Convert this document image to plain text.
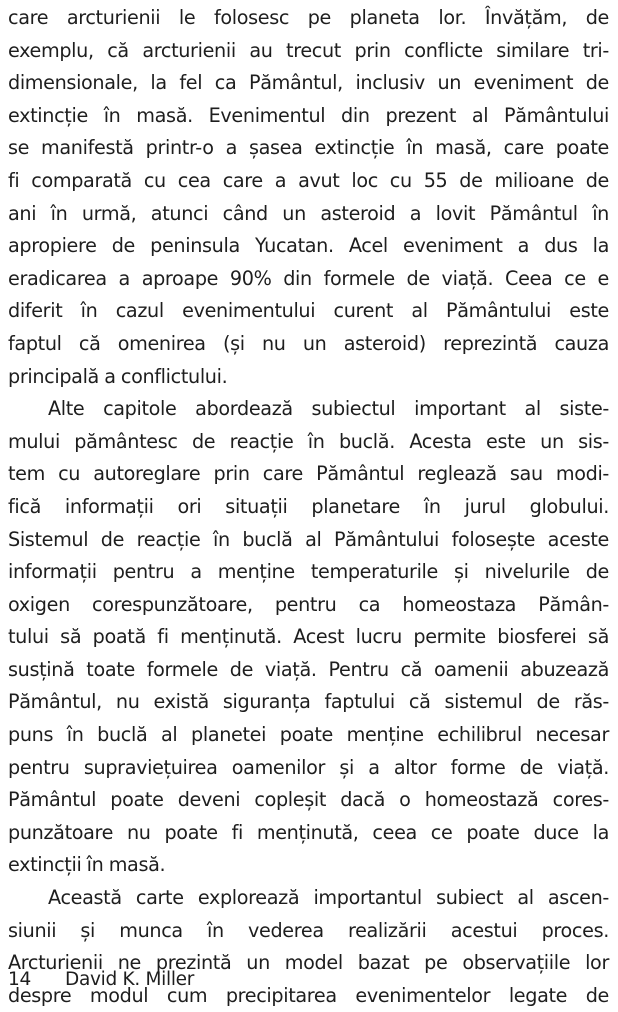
care arcturienii le folosesc pe planeta lor. Învățăm, de
exemplu, că arcturienii au trecut prin conflicte similare tri-
dimensionale, la fel ca Pământul, inclusiv un eveniment de
extincție în masă. Evenimentul din prezent al Pământului
se manifestă printr-o a șasea extincție în masă, care poate
fi comparată cu cea care a avut loc cu 55 de milioane de
ani în urmă, atunci când un asteroid a lovit Pământul în
apropiere de peninsula Yucatan. Acel eveniment a dus la
eradicarea a aproape 90% din formele de viață. Ceea ce e
diferit în cazul evenimentului curent al Pământului este
faptul că omenirea (și nu un asteroid) reprezintă cauza
principală a conflictului.
Alte capitole abordează subiectul important al siste-
mului pământesc de reacție în buclă. Acesta este un sis-
tem cu autoreglare prin care Pământul reglează sau modi-
fică informații ori situații planetare în jurul globului.
Sistemul de reacție în buclă al Pământului folosește aceste
informații pentru a menține temperaturile și nivelurile de
oxigen corespunzătoare, pentru ca homeostaza Pămân-
tului să poată fi menținută. Acest lucru permite biosferei să
susțină toate formele de viață. Pentru că oamenii abuzează
Pământul, nu există siguranța faptului că sistemul de răs-
puns în buclă al planetei poate menține echilibrul necesar
pentru supraviețuirea oamenilor și a altor forme de viață.
Pământul poate deveni copleșit dacă o homeostază cores-
punzătoare nu poate fi menținută, ceea ce poate duce la
extincții în masă.
Această carte explorează importantul subiect al ascen-
siunii și munca în vederea realizării acestui proces.
Arcturienii ne prezintă un model bazat pe observațiile lor
despre modul cum precipitarea evenimentelor legate de
14 David K. Miller
